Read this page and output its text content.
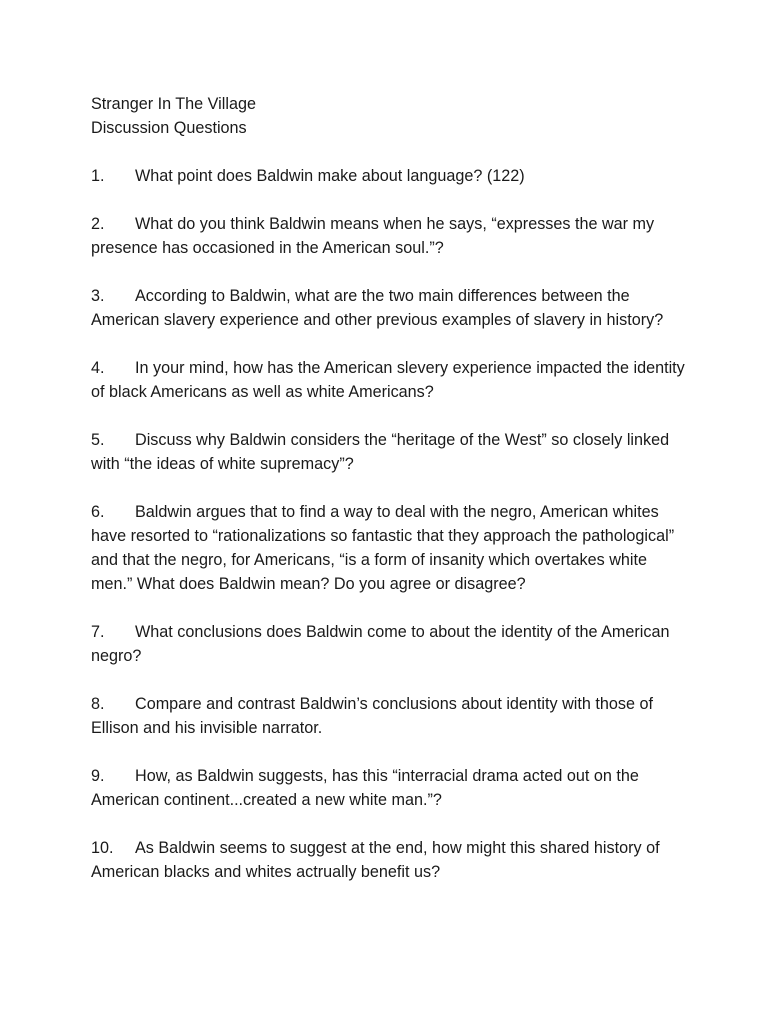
Stranger In The Village
Discussion Questions
1. What point does Baldwin make about language? (122)
2. What do you think Baldwin means when he says, “expresses the war my presence has occasioned in the American soul.”?
3. According to Baldwin, what are the two main differences between the American slavery experience and other previous examples of slavery in history?
4. In your mind, how has the American slevery experience impacted the identity of black Americans as well as white Americans?
5. Discuss why Baldwin considers the “heritage of the West” so closely linked with “the ideas of white supremacy”?
6. Baldwin argues that to find a way to deal with the negro, American whites have resorted to “rationalizations so fantastic that they approach the pathological” and that the negro, for Americans, “is a form of insanity which overtakes white men.” What does Baldwin mean? Do you agree or disagree?
7. What conclusions does Baldwin come to about the identity of the American negro?
8. Compare and contrast Baldwin’s conclusions about identity with those of Ellison and his invisible narrator.
9. How, as Baldwin suggests, has this “interracial drama acted out on the American continent...created a new white man.”?
10. As Baldwin seems to suggest at the end, how might this shared history of American blacks and whites actrually benefit us?
